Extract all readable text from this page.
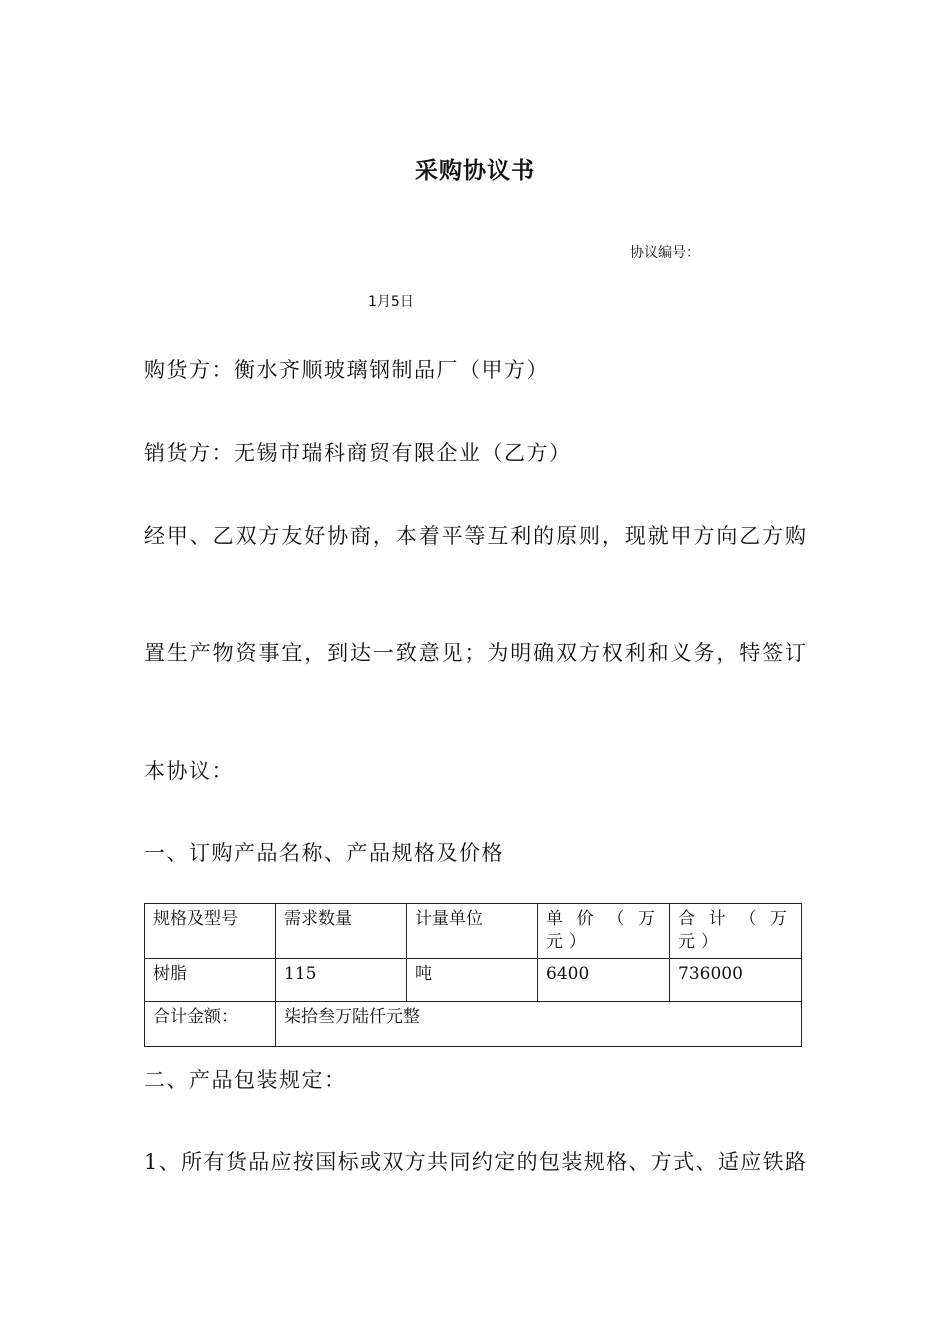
采购协议书
协议编号：
1月5日
购货方：衡水齐顺玻璃钢制品厂（甲方）
销货方：无锡市瑞科商贸有限企业（乙方）
经甲、乙双方友好协商，本着平等互利的原则，现就甲方向乙方购
置生产物资事宜，到达一致意见；为明确双方权利和义务，特签订
本协议：
一、订购产品名称、产品规格及价格
规格及型号	需求数量	计量单位	单价（万元）	合计（万元）
树脂	115	吨	6400	736000
合计金额：	柒拾叁万陆仟元整			
二、产品包装规定：
1、所有货品应按国标或双方共同约定的包装规格、方式、适应铁路
